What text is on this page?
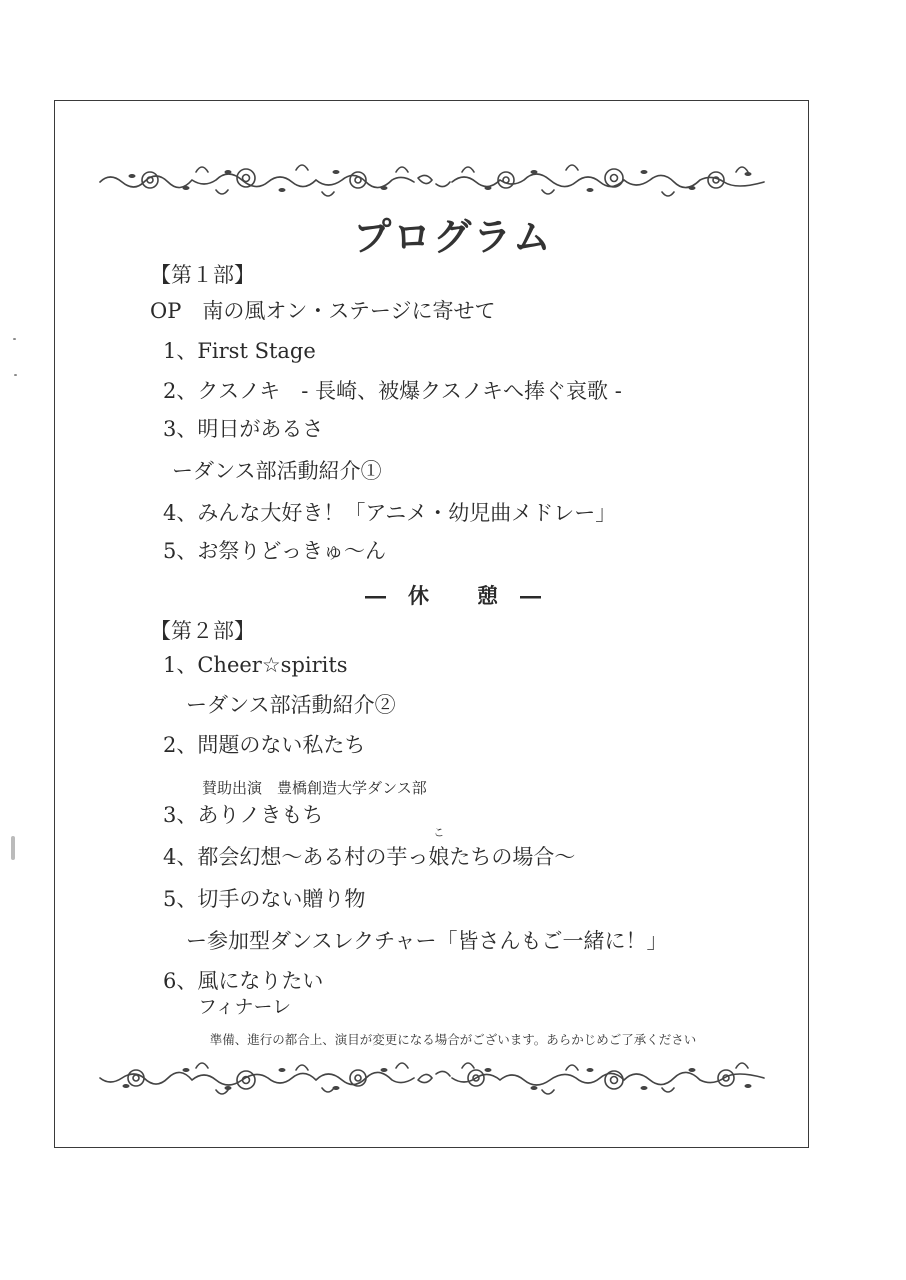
プログラム
【第１部】
OP　南の風オン・ステージに寄せて
1、First Stage
2、クスノキ　- 長崎、被爆クスノキへ捧ぐ哀歌 -
3、明日があるさ
ーダンス部活動紹介①
4、みんな大好き！「アニメ・幼児曲メドレー」
5、お祭りどっきゅ～ん
― 休 憩 ―
【第２部】
1、Cheer☆spirits
ーダンス部活動紹介②
2、問題のない私たち
賛助出演　豊橋創造大学ダンス部
3、ありノきもち
4、都会幻想～ある村の芋っ
こ
娘たちの場合～
5、切手のない贈り物
ー参加型ダンスレクチャー「皆さんもご一緒に！」
6、風になりたい
フィナーレ
準備、進行の都合上、演目が変更になる場合がございます。あらかじめご了承ください
